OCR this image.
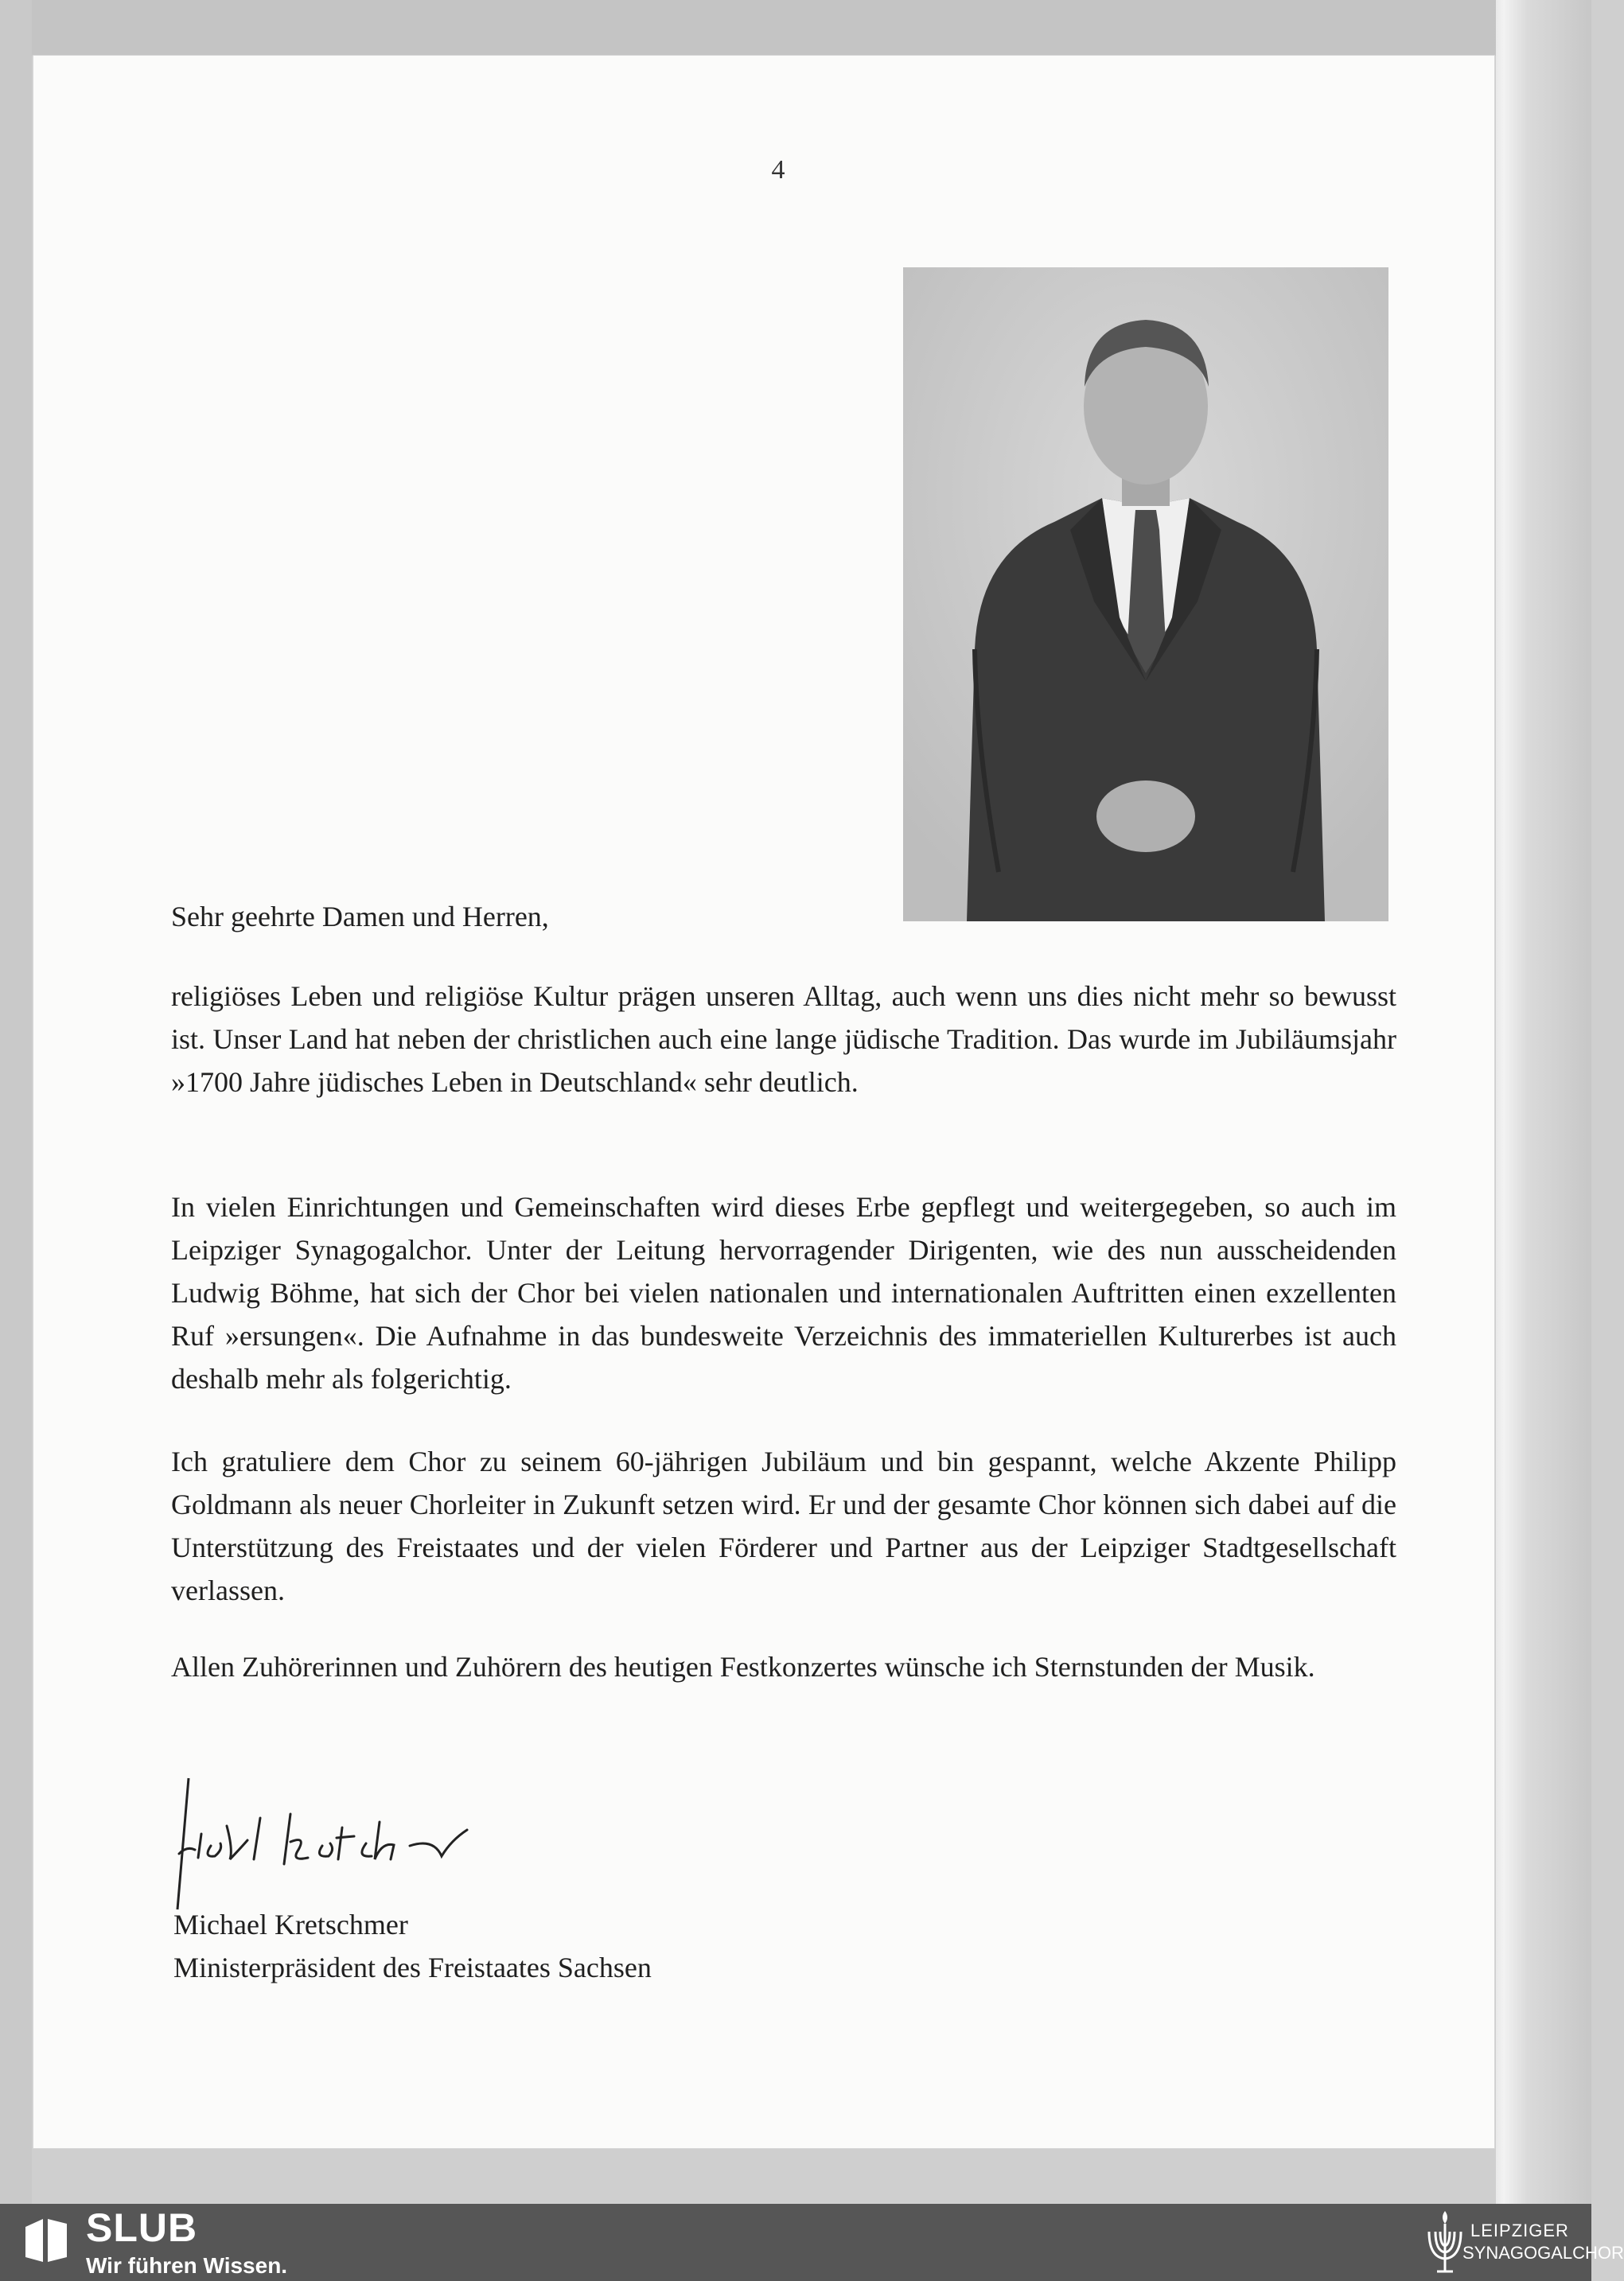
4

Sehr geehrte Damen und Herren,

religiöses Leben und religiöse Kultur prägen unseren Alltag, auch wenn uns dies nicht mehr so bewusst ist. Unser Land hat neben der christlichen auch eine lange jüdische Tradition. Das wurde im Jubiläumsjahr »1700 Jahre jüdisches Leben in Deutschland« sehr deutlich.

In vielen Einrichtungen und Gemeinschaften wird dieses Erbe gepflegt und weitergegeben, so auch im Leipziger Synagogalchor. Unter der Leitung hervorragender Dirigenten, wie des nun ausscheidenden Ludwig Böhme, hat sich der Chor bei vielen nationalen und internationalen Auftritten einen exzellenten Ruf »ersungen«. Die Aufnahme in das bundesweite Verzeichnis des immateriellen Kulturerbes ist auch deshalb mehr als folgerichtig.

Ich gratuliere dem Chor zu seinem 60-jährigen Jubiläum und bin gespannt, welche Akzente Philipp Goldmann als neuer Chorleiter in Zukunft setzen wird. Er und der gesamte Chor können sich dabei auf die Unterstützung des Freistaates und der vielen Förderer und Partner aus der Leipziger Stadtgesellschaft verlassen.

Allen Zuhörerinnen und Zuhörern des heutigen Festkonzertes wünsche ich Sternstunden der Musik.

Michael Kretschmer
Ministerpräsident des Freistaates Sachsen
SLUB
Wir führen Wissen.
LEIPZIGER
SYNAGOGALCHOR
